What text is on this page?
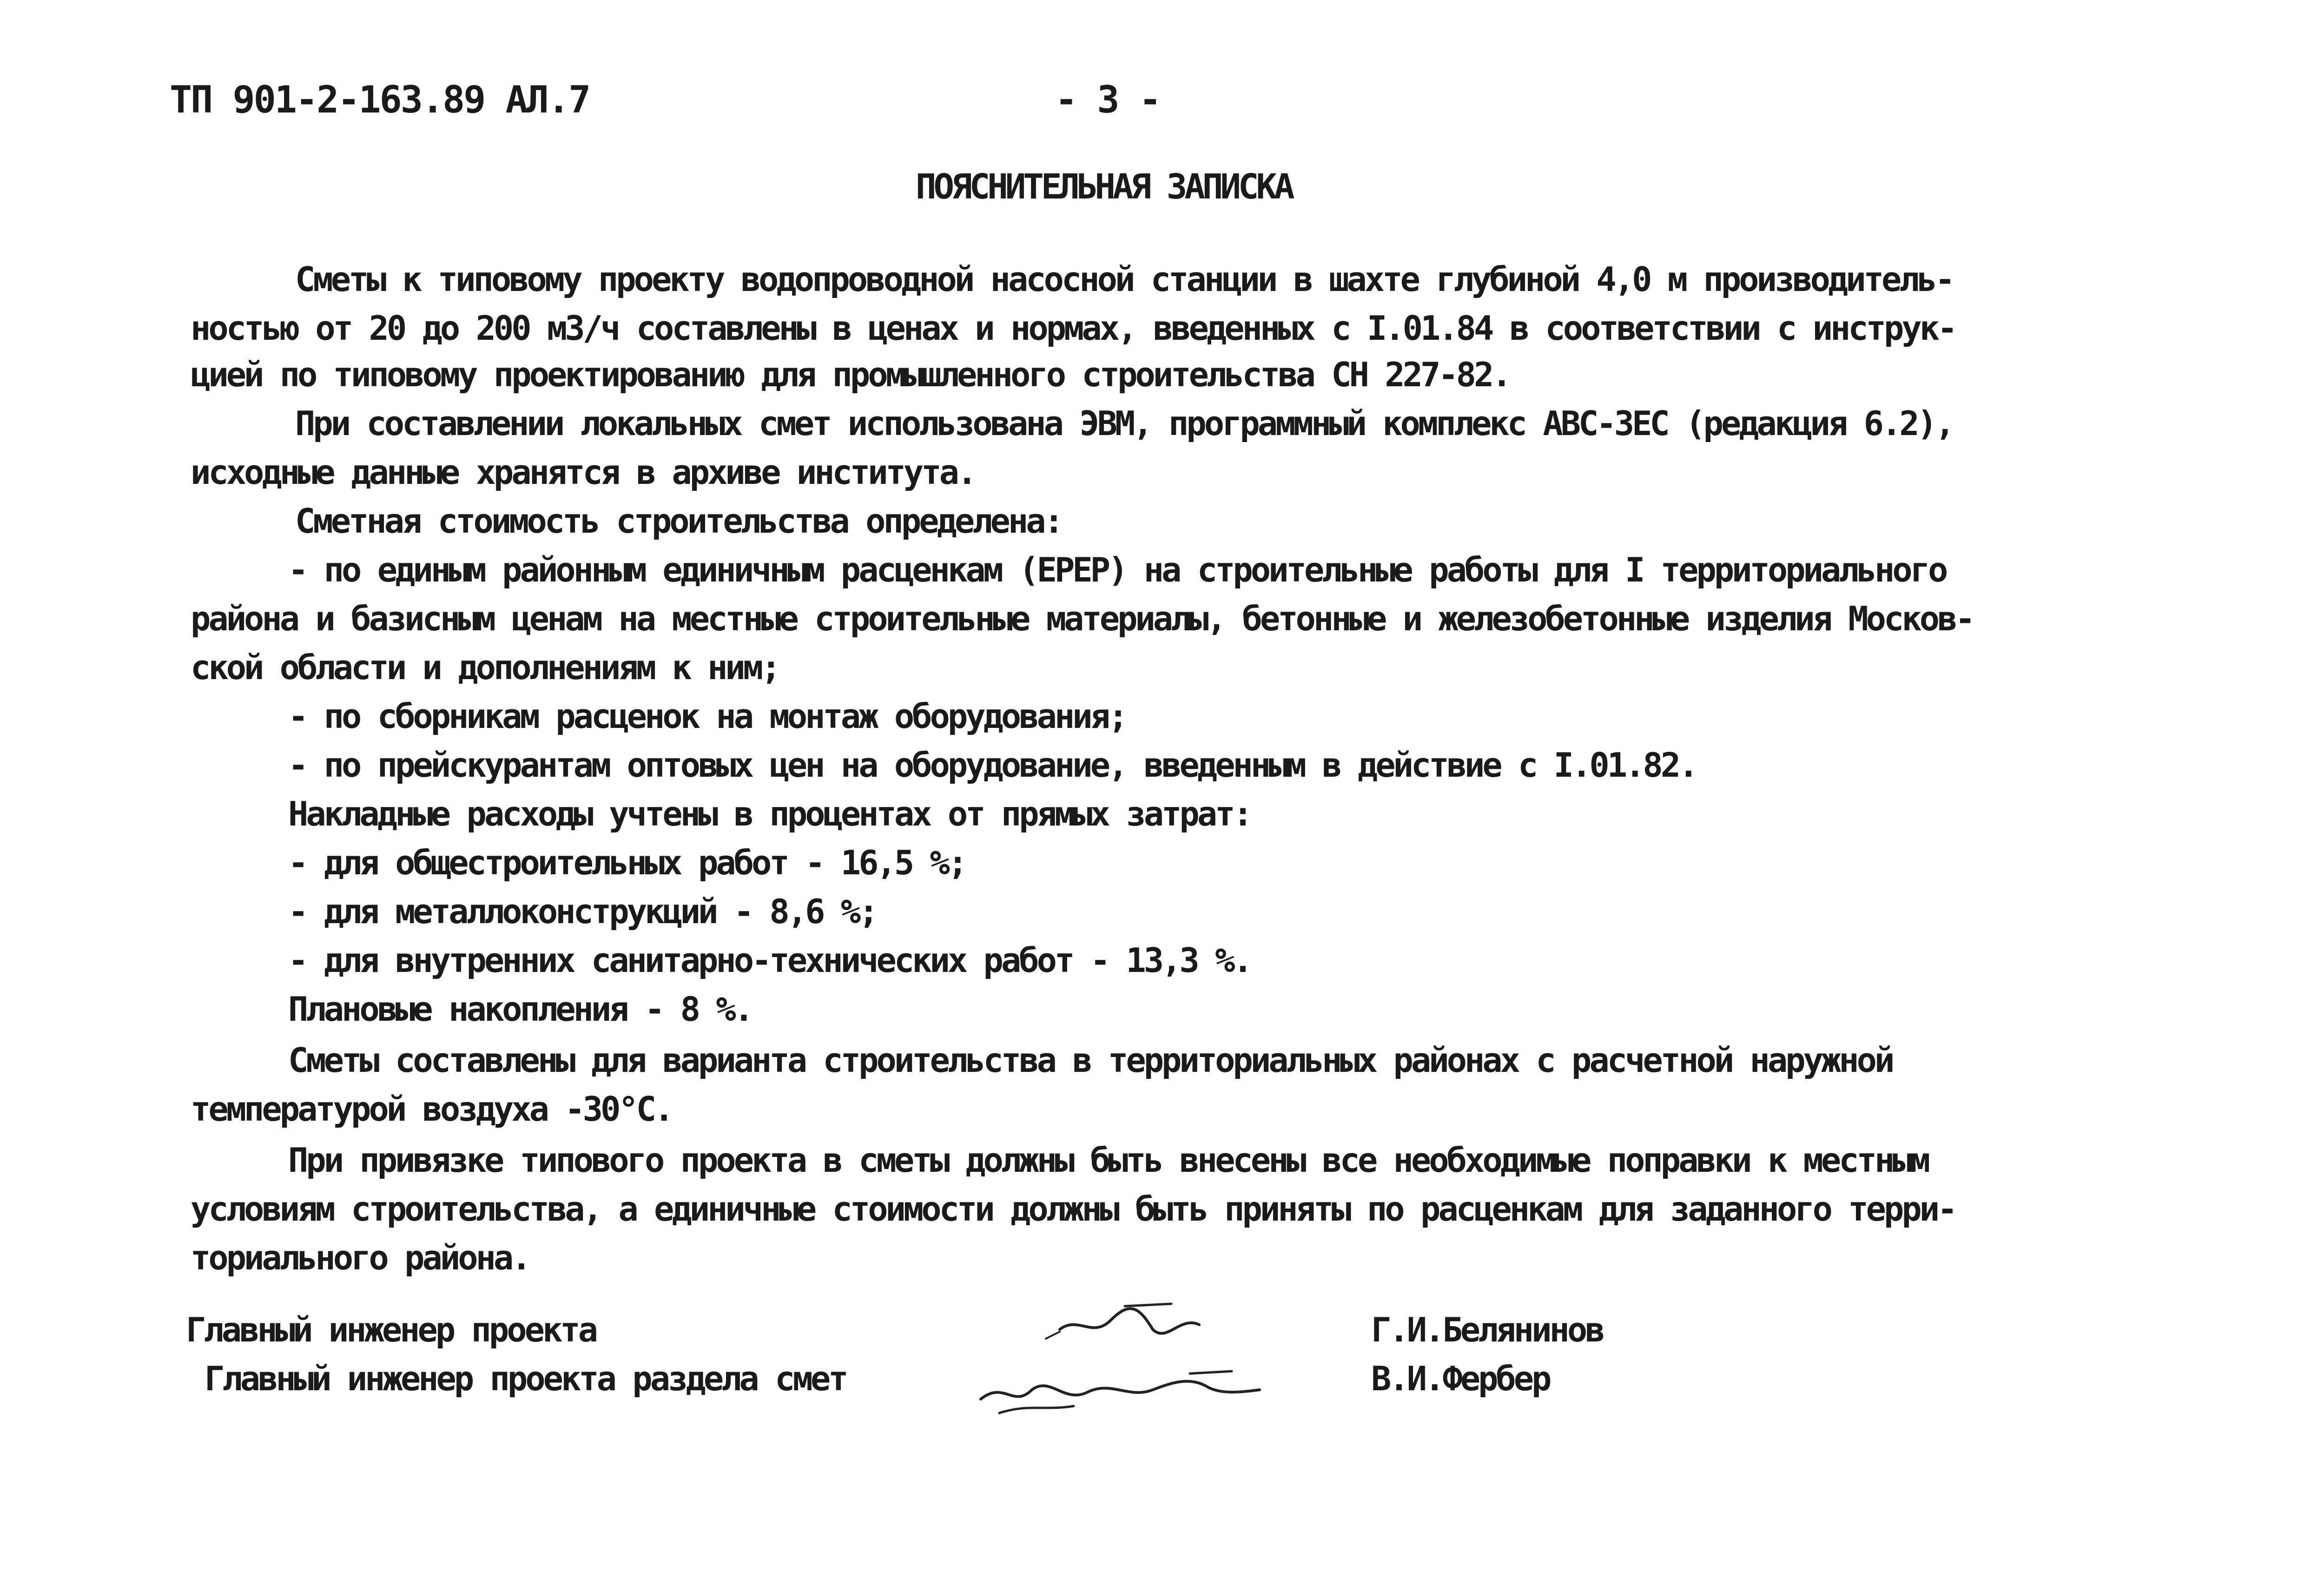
ТП 901-2-163.89 АЛ.7	- 3 -
ПОЯСНИТЕЛЬНАЯ ЗАПИСКА
Сметы к типовому проекту водопроводной насосной станции в шахте глубиной 4,0 м производитель-
ностью от 20 до 200 м3/ч составлены в ценах и нормах, введенных с I.01.84 в соответствии с инструк-
цией по типовому проектированию для промышленного строительства СН 227-82.
При составлении локальных смет использована ЭВМ, программный комплекс АВС-ЗЕС (редакция 6.2),
исходные данные хранятся в архиве института.
Сметная стоимость строительства определена:
- по единым районным единичным расценкам (ЕРЕР) на строительные работы для I территориального
района и базисным ценам на местные строительные материалы, бетонные и железобетонные изделия Москов-
ской области и дополнениям к ним;
- по сборникам расценок на монтаж оборудования;
- по прейскурантам оптовых цен на оборудование, введенным в действие с I.01.82.
Накладные расходы учтены в процентах от прямых затрат:
- для общестроительных работ - 16,5 %;
- для металлоконструкций - 8,6 %;
- для внутренних санитарно-технических работ - 13,3 %.
Плановые накопления - 8 %.
Сметы составлены для варианта строительства в территориальных районах с расчетной наружной
температурой воздуха -30°С.
При привязке типового проекта в сметы должны быть внесены все необходимые поправки к местным
условиям строительства, а единичные стоимости должны быть приняты по расценкам для заданного терри-
ториального района.
Главный инженер проекта	Г.И.Белянинов
Главный инженер проекта раздела смет	В.И.Фербер
